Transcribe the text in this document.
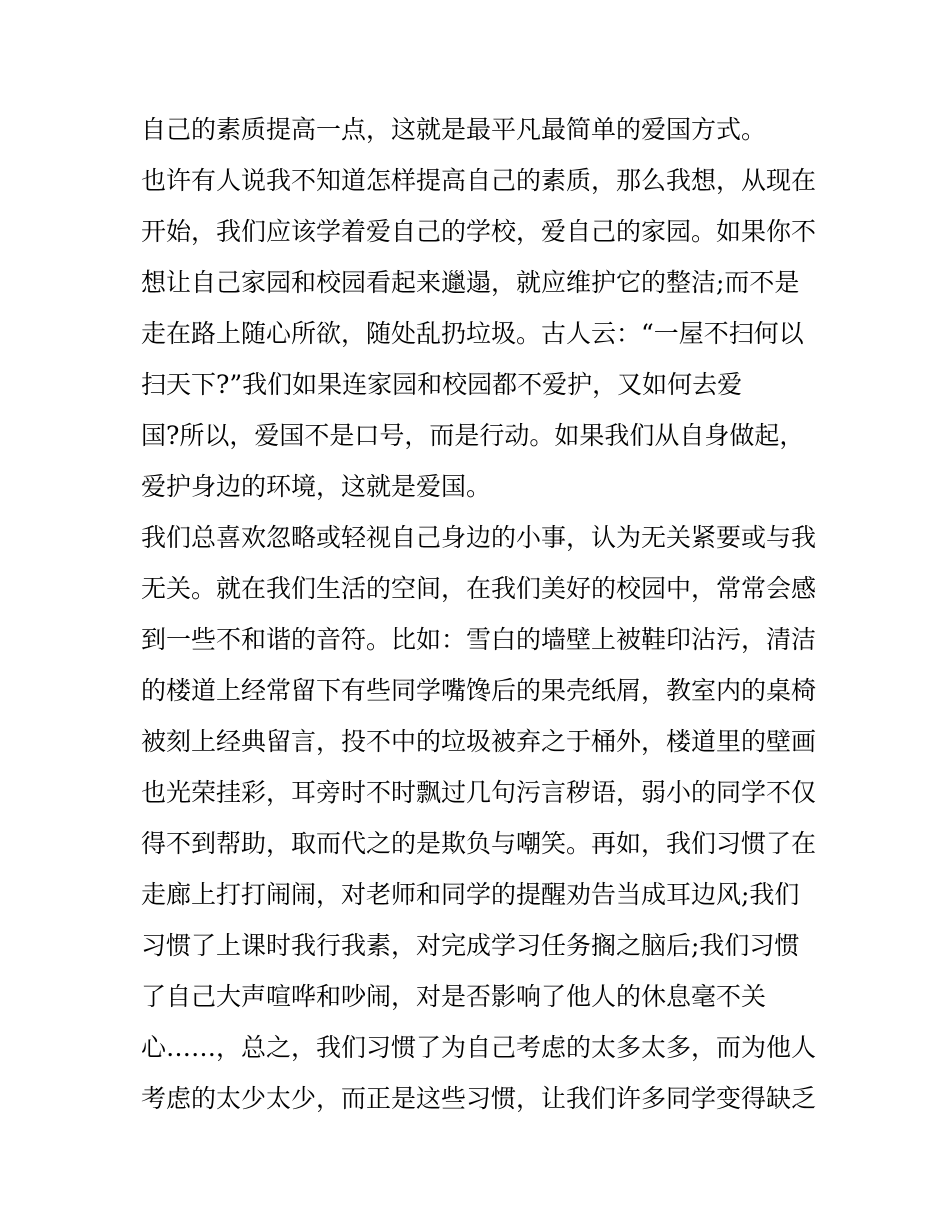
自己的素质提高一点，这就是最平凡最简单的爱国方式。
也许有人说我不知道怎样提高自己的素质，那么我想，从现在
开始，我们应该学着爱自己的学校，爱自己的家园。如果你不
想让自己家园和校园看起来邋遢，就应维护它的整洁;而不是
走在路上随心所欲，随处乱扔垃圾。古人云：“一屋不扫何以
扫天下?”我们如果连家园和校园都不爱护，又如何去爱
国?所以，爱国不是口号，而是行动。如果我们从自身做起，
爱护身边的环境，这就是爱国。
我们总喜欢忽略或轻视自己身边的小事，认为无关紧要或与我
无关。就在我们生活的空间，在我们美好的校园中，常常会感
到一些不和谐的音符。比如：雪白的墙壁上被鞋印沾污，清洁
的楼道上经常留下有些同学嘴馋后的果壳纸屑，教室内的桌椅
被刻上经典留言，投不中的垃圾被弃之于桶外，楼道里的壁画
也光荣挂彩，耳旁时不时飘过几句污言秽语，弱小的同学不仅
得不到帮助，取而代之的是欺负与嘲笑。再如，我们习惯了在
走廊上打打闹闹，对老师和同学的提醒劝告当成耳边风;我们
习惯了上课时我行我素，对完成学习任务搁之脑后;我们习惯
了自己大声喧哗和吵闹，对是否影响了他人的休息毫不关
心……，总之，我们习惯了为自己考虑的太多太多，而为他人
考虑的太少太少，而正是这些习惯，让我们许多同学变得缺乏
